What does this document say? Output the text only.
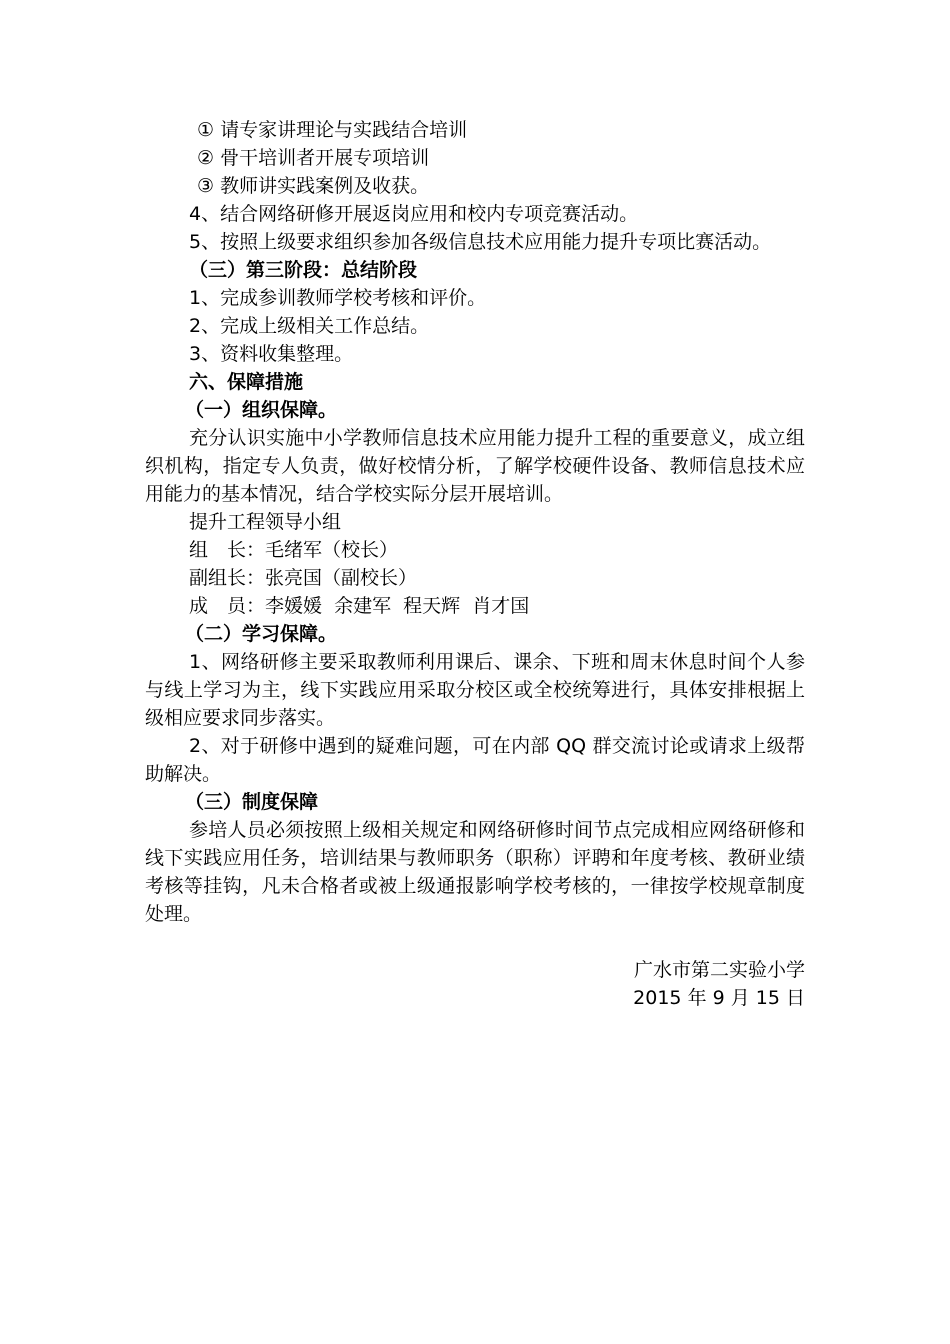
① 请专家讲理论与实践结合培训

② 骨干培训者开展专项培训

③ 教师讲实践案例及收获。

4、结合网络研修开展返岗应用和校内专项竞赛活动。

5、按照上级要求组织参加各级信息技术应用能力提升专项比赛活动。

（三）第三阶段：总结阶段

1、完成参训教师学校考核和评价。

2、完成上级相关工作总结。

3、资料收集整理。

六、保障措施

（一）组织保障。

充分认识实施中小学教师信息技术应用能力提升工程的重要意义，成立组织机构，指定专人负责，做好校情分析，了解学校硬件设备、教师信息技术应用能力的基本情况，结合学校实际分层开展培训。

提升工程领导小组

组　长：毛绪军（校长）

副组长：张亮国（副校长）

成　员：李媛媛  余建军  程天辉  肖才国

（二）学习保障。

1、网络研修主要采取教师利用课后、课余、下班和周末休息时间个人参与线上学习为主，线下实践应用采取分校区或全校统筹进行，具体安排根据上级相应要求同步落实。

2、对于研修中遇到的疑难问题，可在内部 QQ 群交流讨论或请求上级帮助解决。

（三）制度保障

参培人员必须按照上级相关规定和网络研修时间节点完成相应网络研修和线下实践应用任务，培训结果与教师职务（职称）评聘和年度考核、教研业绩考核等挂钩，凡未合格者或被上级通报影响学校考核的，一律按学校规章制度处理。

广水市第二实验小学
2015 年 9 月 15 日
